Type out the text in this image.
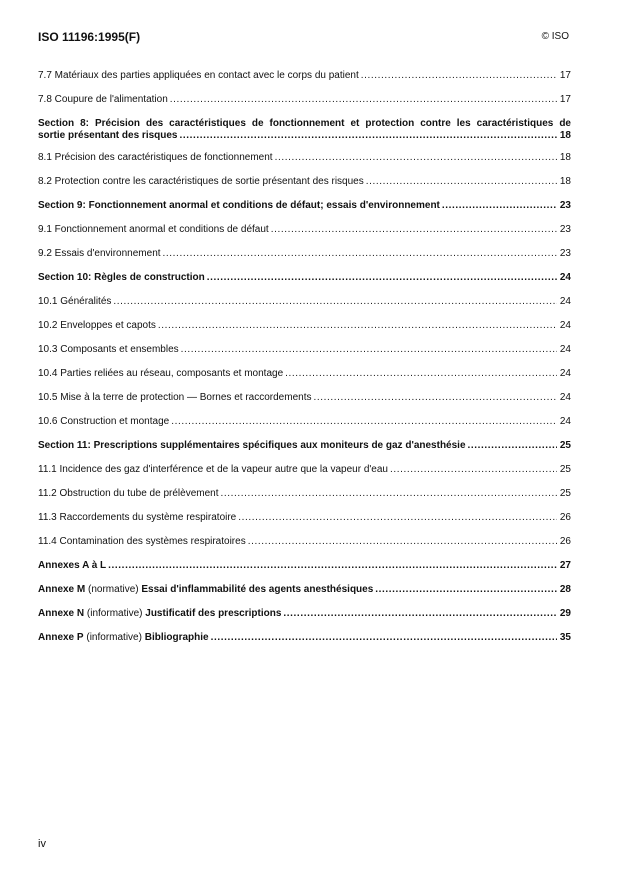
ISO 11196:1995(F)	© ISO
7.7 Matériaux des parties appliquées en contact avec le corps du patient .....	17
7.8 Coupure de l'alimentation .....	17
Section 8: Précision des caractéristiques de fonctionnement et protection contre les caractéristiques de
sortie présentant des risques .....	18
8.1 Précision des caractéristiques de fonctionnement .....	18
8.2 Protection contre les caractéristiques de sortie présentant des risques .....	18
Section 9: Fonctionnement anormal et conditions de défaut; essais d'environnement .....	23
9.1 Fonctionnement anormal et conditions de défaut .....	23
9.2 Essais d'environnement .....	23
Section 10: Règles de construction .....	24
10.1 Généralités .....	24
10.2 Enveloppes et capots .....	24
10.3 Composants et ensembles .....	24
10.4 Parties reliées au réseau, composants et montage .....	24
10.5 Mise à la terre de protection — Bornes et raccordements .....	24
10.6 Construction et montage .....	24
Section 11: Prescriptions supplémentaires spécifiques aux moniteurs de gaz d'anesthésie .....	25
11.1 Incidence des gaz d'interférence et de la vapeur autre que la vapeur d'eau .....	25
11.2 Obstruction du tube de prélèvement .....	25
11.3 Raccordements du système respiratoire .....	26
11.4 Contamination des systèmes respiratoires .....	26
Annexes A à L .....	27
Annexe M (normative) Essai d'inflammabilité des agents anesthésiques .....	28
Annexe N (informative) Justificatif des prescriptions .....	29
Annexe P (informative) Bibliographie .....	35
iv
